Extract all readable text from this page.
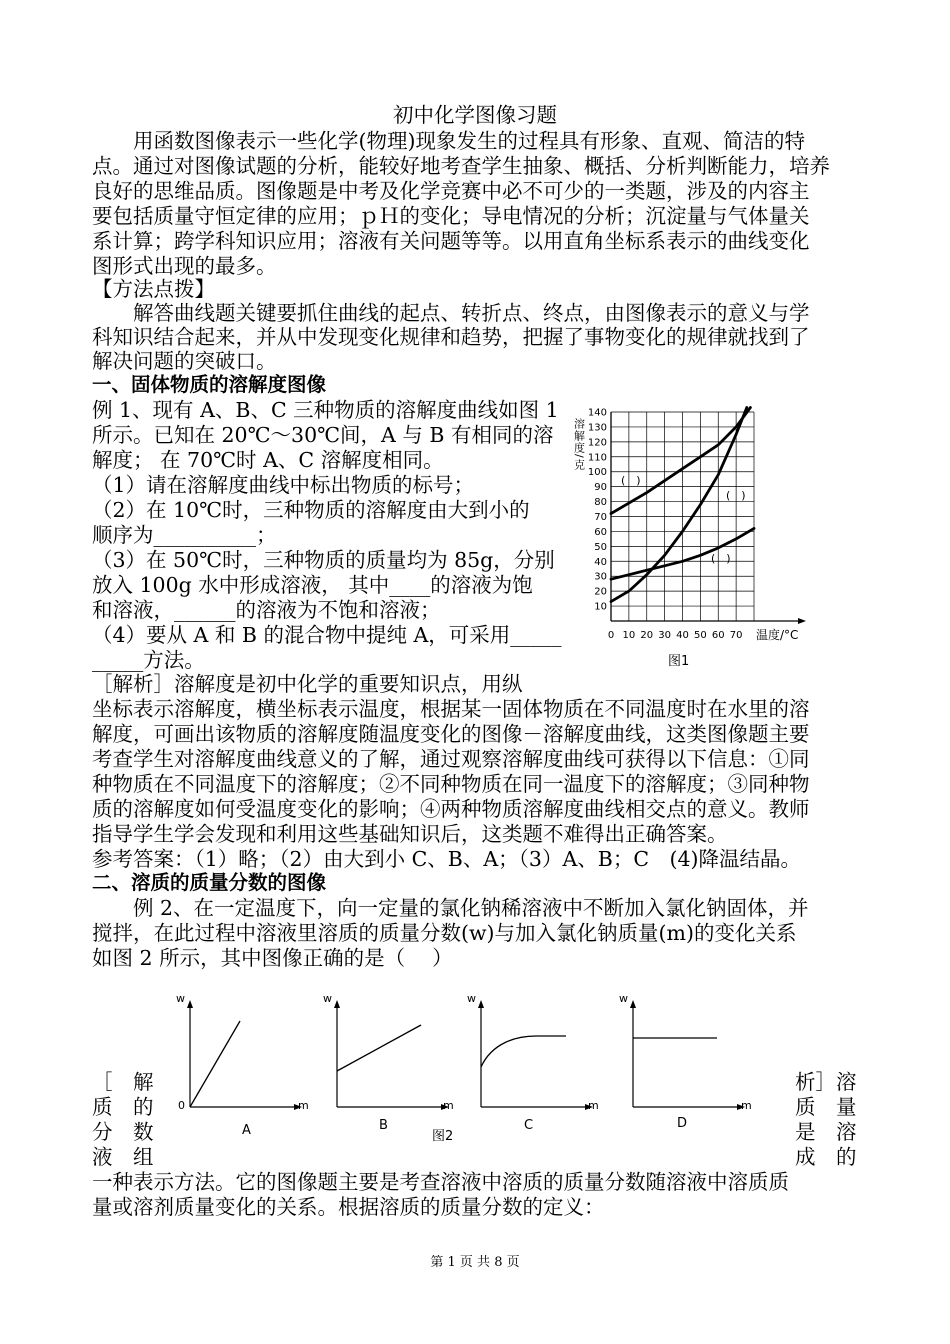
初中化学图像习题
　　用函数图像表示一些化学(物理)现象发生的过程具有形象、直观、简洁的特
点。通过对图像试题的分析，能较好地考查学生抽象、概括、分析判断能力，培养
良好的思维品质。图像题是中考及化学竞赛中必不可少的一类题，涉及的内容主
要包括质量守恒定律的应用；ｐＨ的变化；导电情况的分析；沉淀量与气体量关
系计算；跨学科知识应用；溶液有关问题等等。以用直角坐标系表示的曲线变化
图形式出现的最多。
【方法点拨】
　　解答曲线题关键要抓住曲线的起点、转折点、终点，由图像表示的意义与学
科知识结合起来，并从中发现变化规律和趋势，把握了事物变化的规律就找到了
解决问题的突破口。
一、固体物质的溶解度图像
例 1、现有 A、B、C 三种物质的溶解度曲线如图 1
所示。已知在 20℃～30℃间，A 与 B 有相同的溶
解度； 在 70℃时 A、C 溶解度相同。
（1）请在溶解度曲线中标出物质的标号；
（2）在 10℃时，三种物质的溶解度由大到小的
顺序为__________；
（3）在 50℃时，三种物质的质量均为 85g，分别
放入 100g 水中形成溶液， 其中____的溶液为饱
和溶液，______的溶液为不饱和溶液；
（4）要从 A 和 B 的混合物中提纯 A，可采用_____
_____方法。
溶解度/克
10
20
30
40
50
60
70
80
90
100
110
120
130
140
0 10 20 30 40 50 60 70 温度/°C
(　)
(　)
(　)
图1
［解析］溶解度是初中化学的重要知识点，用纵
坐标表示溶解度，横坐标表示温度，根据某一固体物质在不同温度时在水里的溶
解度，可画出该物质的溶解度随温度变化的图像－溶解度曲线，这类图像题主要
考查学生对溶解度曲线意义的了解，通过观察溶解度曲线可获得以下信息：①同
种物质在不同温度下的溶解度；②不同种物质在同一温度下的溶解度；③同种物
质的溶解度如何受温度变化的影响；④两种物质溶解度曲线相交点的意义。教师
指导学生学会发现和利用这些基础知识后，这类题不难得出正确答案。
参考答案：（1）略；（2）由大到小 C、B、A；（3）A、B；C　(4)降温结晶。
二、溶质的质量分数的图像
　　例 2、在一定温度下，向一定量的氯化钠稀溶液中不断加入氯化钠固体，并
搅拌，在此过程中溶液里溶质的质量分数(w)与加入氯化钠质量(m)的变化关系
如图 2 所示，其中图像正确的是（　 ）
w
0	m
A
w
m
B
w
m
C
w
m
D
图2
［　解
质　的
分　数
液　组
析］溶
质　量
是　溶
成　的
一种表示方法。它的图像题主要是考查溶液中溶质的质量分数随溶液中溶质质
量或溶剂质量变化的关系。根据溶质的质量分数的定义：
第 1 页 共 8 页
